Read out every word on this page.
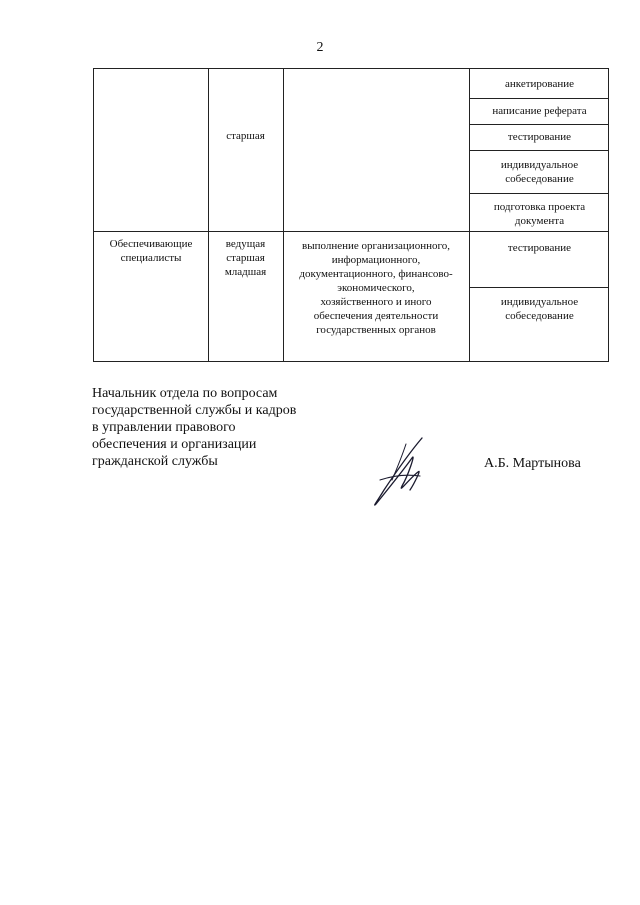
2
старшая
анкетирование
написание реферата
тестирование
индивидуальное
собеседование
подготовка проекта
документа
Обеспечивающие специалисты
ведущая
старшая
младшая
выполнение организационного,
информационного,
документационного, финансово-
экономического,
хозяйственного и иного
обеспечения деятельности
государственных органов
тестирование
индивидуальное
собеседование
Начальник отдела по вопросам
государственной службы и кадров
в управлении правового
обеспечения и организации
гражданской службы	А.Б. Мартынова
